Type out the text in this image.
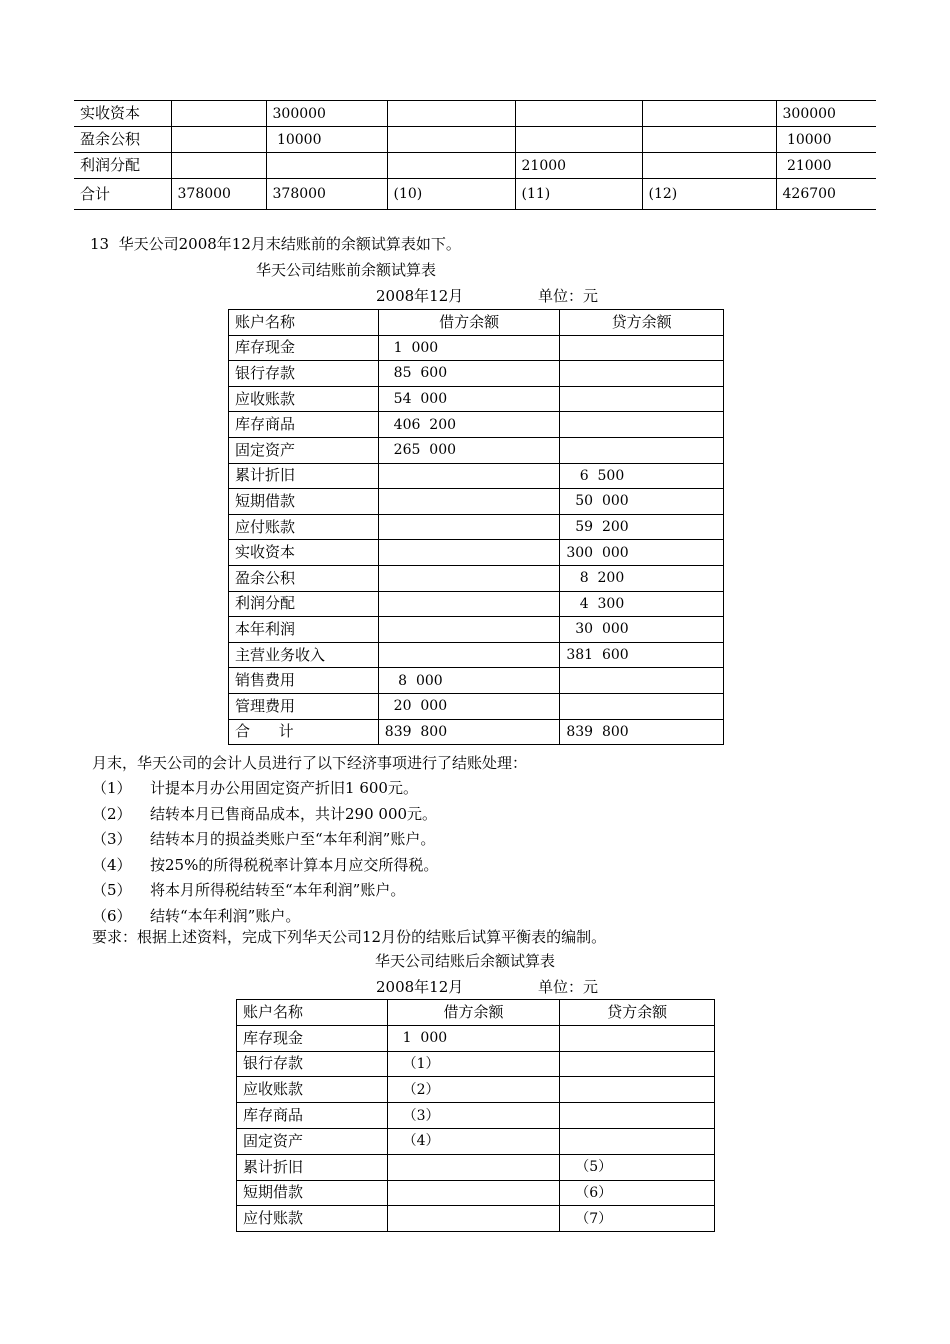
实收资本		300000				300000
盈余公积		10000				10000
利润分配				21000		21000
合计	378000	378000	(10)	(11)	(12)	426700
13  华天公司2008年12月末结账前的余额试算表如下。
华天公司结账前余额试算表
2008年12月	单位：元
账户名称	借方余额	贷方余额
库存现金	1  000	
银行存款	85  600	
应收账款	54  000	
库存商品	406  200	
固定资产	265  000	
累计折旧		6  500
短期借款		50  000
应付账款		59  200
实收资本		300  000
盈余公积		8  200
利润分配		4  300
本年利润		30  000
主营业务收入		381  600
销售费用	8  000	
管理费用	20  000	
合      计	839  800	839  800
月末，华天公司的会计人员进行了以下经济事项进行了结账处理：
（1） 计提本月办公用固定资产折旧1 600元。
（2） 结转本月已售商品成本，共计290 000元。
（3） 结转本月的损益类账户至“本年利润”账户。
（4） 按25%的所得税税率计算本月应交所得税。
（5） 将本月所得税结转至“本年利润”账户。
（6） 结转“本年利润”账户。
要求：根据上述资料，完成下列华天公司12月份的结账后试算平衡表的编制。
华天公司结账后余额试算表
2008年12月	单位：元
账户名称	借方余额	贷方余额
库存现金	1  000	
银行存款	（1）	
应收账款	（2）	
库存商品	（3）	
固定资产	（4）	
累计折旧		（5）
短期借款		（6）
应付账款		（7）
